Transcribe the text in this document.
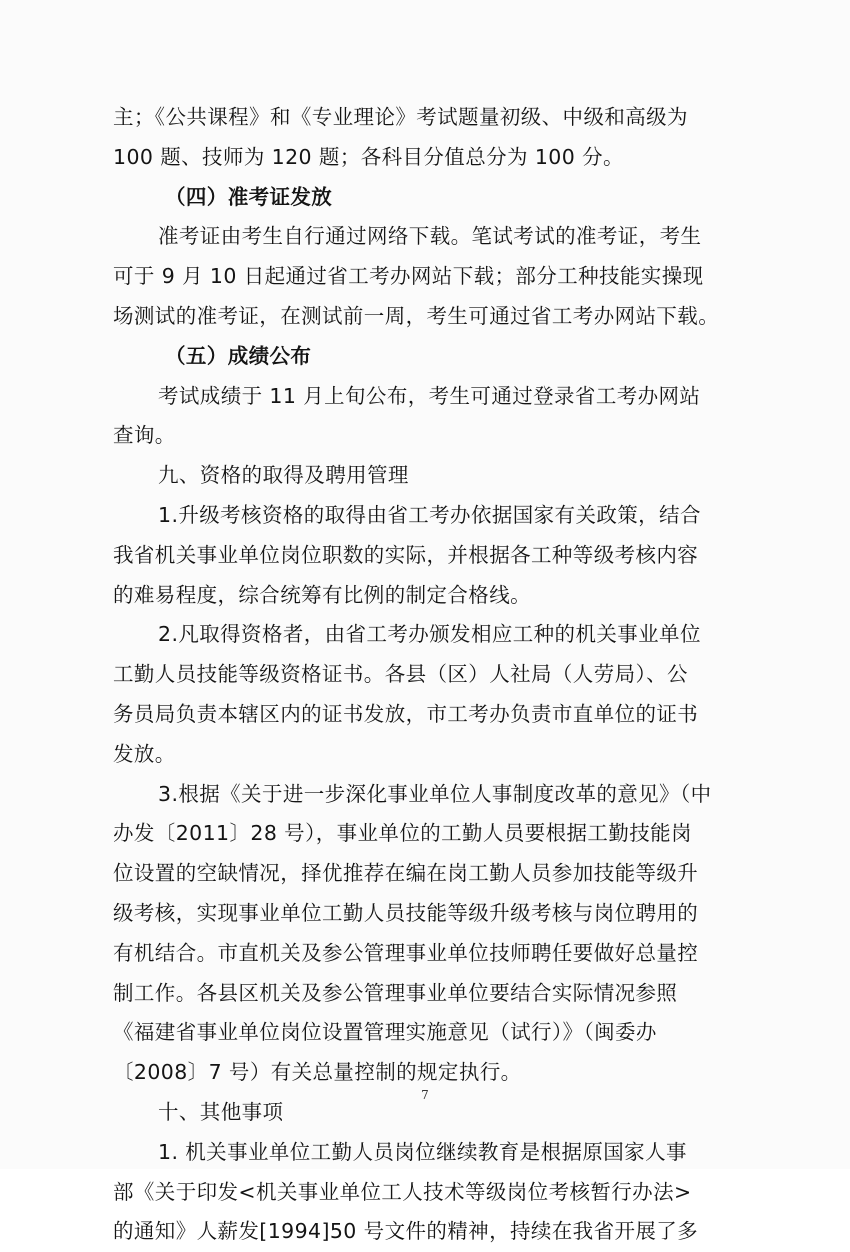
主；《公共课程》和《专业理论》考试题量初级、中级和高级为
100 题、技师为 120 题；各科目分值总分为 100 分。
（四）准考证发放
准考证由考生自行通过网络下载。笔试考试的准考证，考生
可于 9 月 10 日起通过省工考办网站下载；部分工种技能实操现
场测试的准考证，在测试前一周，考生可通过省工考办网站下载。
（五）成绩公布
考试成绩于 11 月上旬公布，考生可通过登录省工考办网站
查询。
九、资格的取得及聘用管理
1.升级考核资格的取得由省工考办依据国家有关政策，结合
我省机关事业单位岗位职数的实际，并根据各工种等级考核内容
的难易程度，综合统筹有比例的制定合格线。
2.凡取得资格者，由省工考办颁发相应工种的机关事业单位
工勤人员技能等级资格证书。各县（区）人社局（人劳局）、公
务员局负责本辖区内的证书发放，市工考办负责市直单位的证书
发放。
3.根据《关于进一步深化事业单位人事制度改革的意见》（中
办发〔2011〕28 号），事业单位的工勤人员要根据工勤技能岗
位设置的空缺情况，择优推荐在编在岗工勤人员参加技能等级升
级考核，实现事业单位工勤人员技能等级升级考核与岗位聘用的
有机结合。市直机关及参公管理事业单位技师聘任要做好总量控
制工作。各县区机关及参公管理事业单位要结合实际情况参照
《福建省事业单位岗位设置管理实施意见（试行）》（闽委办
〔2008〕7 号）有关总量控制的规定执行。
十、其他事项
1. 机关事业单位工勤人员岗位继续教育是根据原国家人事
部《关于印发<机关事业单位工人技术等级岗位考核暂行办法>
的通知》人薪发[1994]50 号文件的精神，持续在我省开展了多
7
